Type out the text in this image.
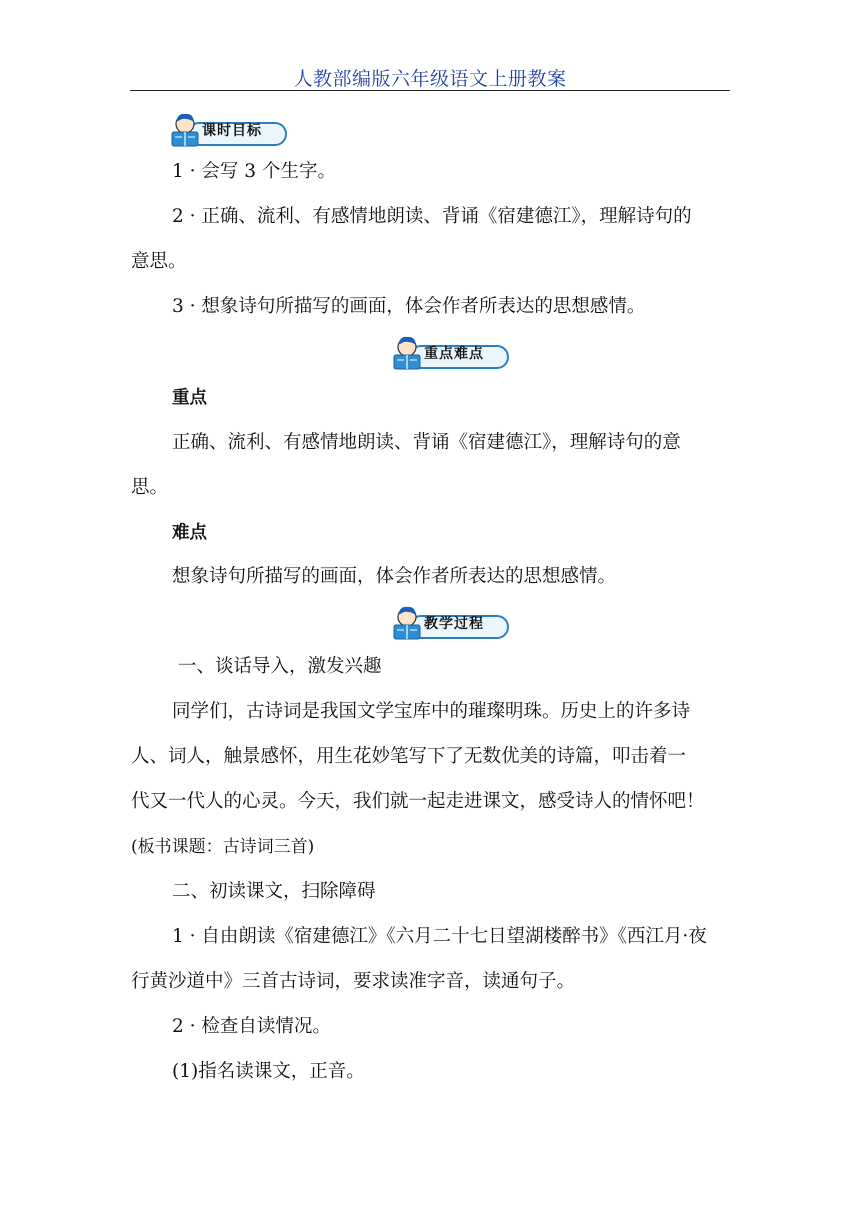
人教部编版六年级语文上册教案
课时目标

1 · 会写 3 个生字。

2 · 正确、流利、有感情地朗读、背诵《宿建德江》，理解诗句的

意思。

3 · 想象诗句所描写的画面，体会作者所表达的思想感情。

重点难点

重点

正确、流利、有感情地朗读、背诵《宿建德江》，理解诗句的意

思。

难点

想象诗句所描写的画面，体会作者所表达的思想感情。

教学过程

一、谈话导入，激发兴趣

同学们，古诗词是我国文学宝库中的璀璨明珠。历史上的许多诗

人、词人，触景感怀，用生花妙笔写下了无数优美的诗篇，叩击着一

代又一代人的心灵。今天，我们就一起走进课文，感受诗人的情怀吧！

(板书课题：古诗词三首)

二、初读课文，扫除障碍

1 · 自由朗读《宿建德江》《六月二十七日望湖楼醉书》《西江月·夜

行黄沙道中》三首古诗词，要求读准字音，读通句子。

2 · 检查自读情况。

(1)指名读课文，正音。
